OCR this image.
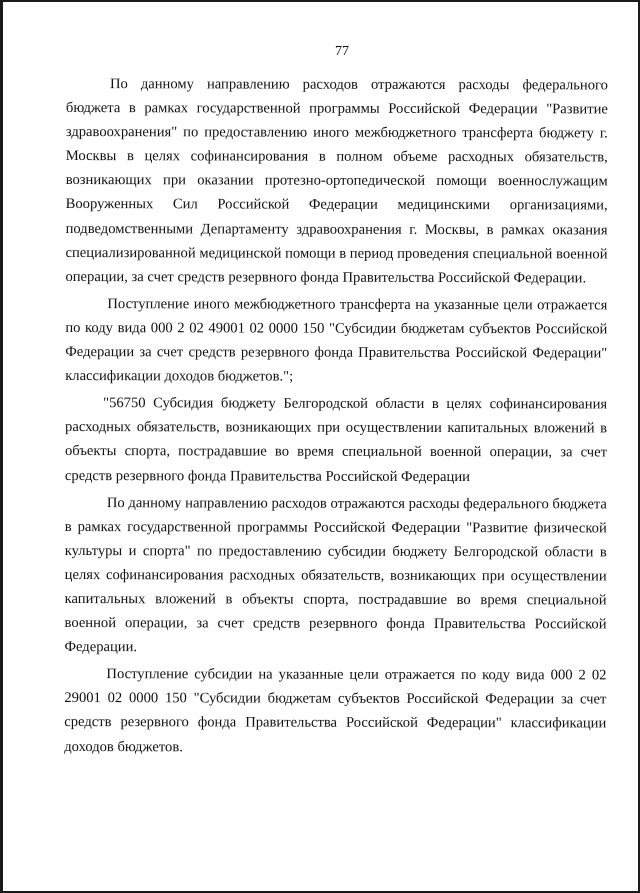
77

По данному направлению расходов отражаются расходы федерального бюджета в рамках государственной программы Российской Федерации "Развитие здравоохранения" по предоставлению иного межбюджетного трансферта бюджету г. Москвы в целях софинансирования в полном объеме расходных обязательств, возникающих при оказании протезно-ортопедической помощи военнослужащим Вооруженных Сил Российской Федерации медицинскими организациями, подведомственными Департаменту здравоохранения г. Москвы, в рамках оказания специализированной медицинской помощи в период проведения специальной военной операции, за счет средств резервного фонда Правительства Российской Федерации.

Поступление иного межбюджетного трансферта на указанные цели отражается по коду вида 000 2 02 49001 02 0000 150 "Субсидии бюджетам субъектов Российской Федерации за счет средств резервного фонда Правительства Российской Федерации" классификации доходов бюджетов.";

"56750 Субсидия бюджету Белгородской области в целях софинансирования расходных обязательств, возникающих при осуществлении капитальных вложений в объекты спорта, пострадавшие во время специальной военной операции, за счет средств резервного фонда Правительства Российской Федерации

По данному направлению расходов отражаются расходы федерального бюджета в рамках государственной программы Российской Федерации "Развитие физической культуры и спорта" по предоставлению субсидии бюджету Белгородской области в целях софинансирования расходных обязательств, возникающих при осуществлении капитальных вложений в объекты спорта, пострадавшие во время специальной военной операции, за счет средств резервного фонда Правительства Российской Федерации.

Поступление субсидии на указанные цели отражается по коду вида 000 2 02 29001 02 0000 150 "Субсидии бюджетам субъектов Российской Федерации за счет средств резервного фонда Правительства Российской Федерации" классификации доходов бюджетов.
